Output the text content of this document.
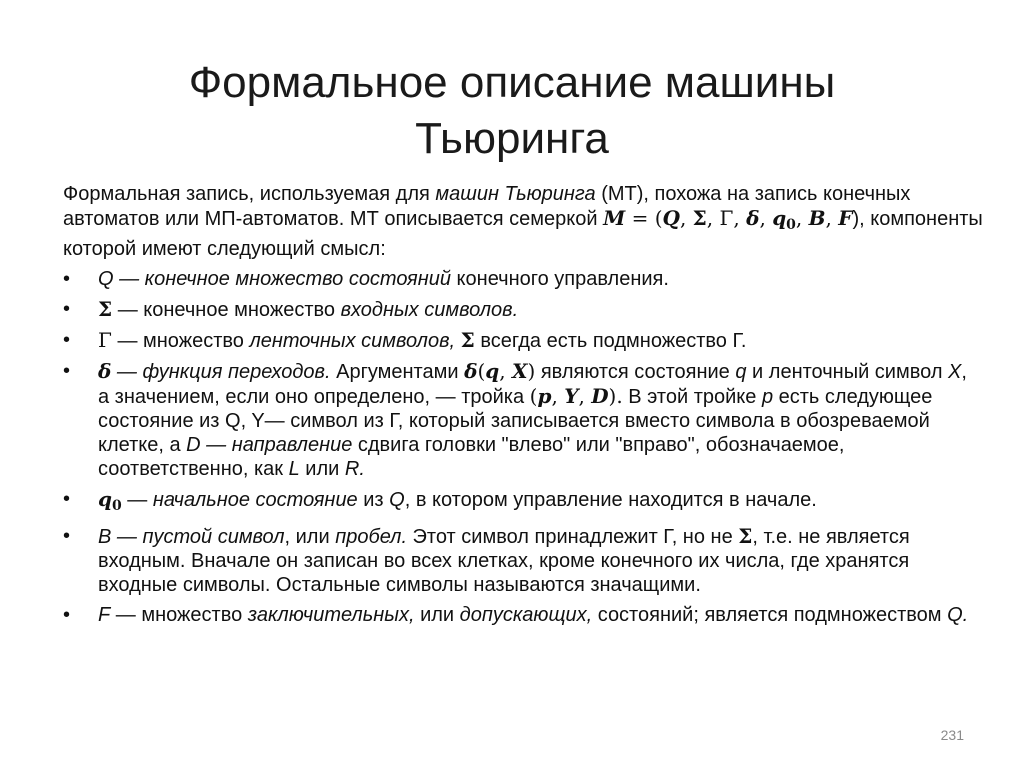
Формальное описание машины
Тьюринга

Формальная запись, используемая для машин Тьюринга (МТ), похожа на запись конечных автоматов или МП-автоматов. МТ описывается семеркой M = (Q, Σ, Γ, δ, $q_0$, B, F), компоненты которой имеют следующий смысл:

•	Q — конечное множество состояний конечного управления.
•	Σ — конечное множество входных символов.
•	Γ — множество ленточных символов, Σ всегда есть подмножество Г.
•	δ — функция переходов. Аргументами δ(q, X) являются состояние q и ленточный символ X, а значением, если оно определено, — тройка (p, Y, D). В этой тройке p есть следующее состояние из Q, Y— символ из Г, который записывается вместо символа в обозреваемой клетке, а D — направление сдвига головки "влево" или "вправо", обозначаемое, соответственно, как L или R.
•	$q_0$ — начальное состояние из Q, в котором управление находится в начале.
•	B — пустой символ, или пробел. Этот символ принадлежит Г, но не Σ, т.е. не является входным. Вначале он записан во всех клетках, кроме конечного их числа, где хранятся входные символы. Остальные символы называются значащими.
•	F — множество заключительных, или допускающих, состояний; является подмножеством Q.
231
